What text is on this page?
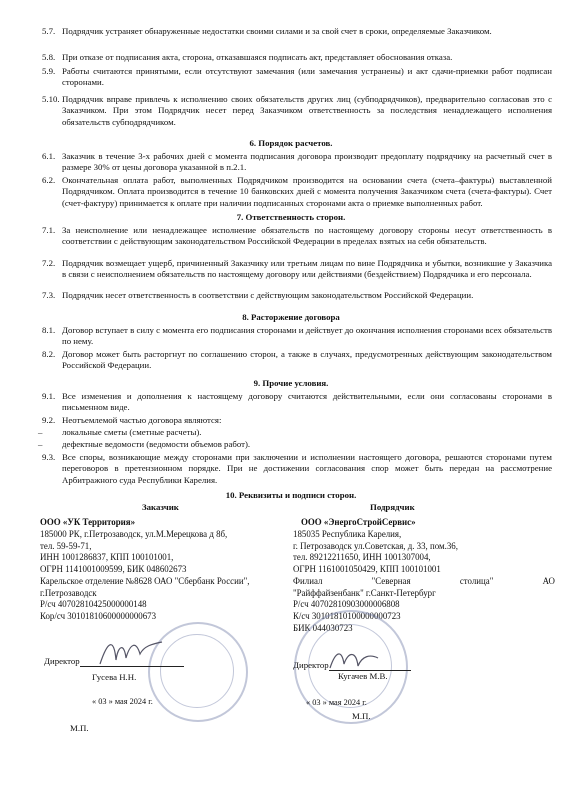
5.7. Подрядчик устраняет обнаруженные недостатки своими силами и за свой счет в сроки, определяемые Заказчиком.
5.8. При отказе от подписания акта, сторона, отказавшаяся подписать акт, представляет обоснования отказа.
5.9. Работы считаются принятыми, если отсутствуют замечания (или замечания устранены) и акт сдачи-приемки работ подписан сторонами.
5.10. Подрядчик вправе привлечь к исполнению своих обязательств других лиц (субподрядчиков), предварительно согласовав это с Заказчиком. При этом Подрядчик несет перед Заказчиком ответственность за последствия ненадлежащего исполнения обязательств субподрядчиком.
6. Порядок расчетов.
6.1. Заказчик в течение 3-х рабочих дней с момента подписания договора производит предоплату подрядчику на расчетный счет в размере 30% от цены договора указанной в п.2.1.
6.2. Окончательная оплата работ, выполненных Подрядчиком производится на основании счета (счета–фактуры) выставленной Подрядчиком. Оплата производится в течение 10 банковских дней с момента получения Заказчиком счета (счета-фактуры). Счет (счет-фактуру) принимается к оплате при наличии подписанных сторонами акта о приемке выполненных работ.
7. Ответственность сторон.
7.1. За неисполнение или ненадлежащее исполнение обязательств по настоящему договору стороны несут ответственность в соответствии с действующим законодательством Российской Федерации в пределах взятых на себя обязательств.
7.2. Подрядчик возмещает ущерб, причиненный Заказчику или третьим лицам по вине Подрядчика и убытки, возникшие у Заказчика в связи с неисполнением обязательств по настоящему договору или действиями (бездействием) Подрядчика и его персонала.
7.3. Подрядчик несет ответственность в соответствии с действующим законодательством Российской Федерации.
8. Расторжение договора
8.1. Договор вступает в силу с момента его подписания сторонами и действует до окончания исполнения сторонами всех обязательств по нему.
8.2. Договор может быть расторгнут по соглашению сторон, а также в случаях, предусмотренных действующим законодательством Российской Федерации.
9. Прочие условия.
9.1. Все изменения и дополнения к настоящему договору считаются действительными, если они согласованы сторонами в письменном виде.
9.2. Неотъемлемой частью договора являются:
– локальные сметы (сметные расчеты).
– дефектные ведомости (ведомости объемов работ).
9.3. Все споры, возникающие между сторонами при заключении и исполнении настоящего договора, решаются сторонами путем переговоров в претензионном порядке. При не достижении согласования спор может быть передан на рассмотрение Арбитражного суда Республики Карелия.
10. Реквизиты и подписи сторон.
Заказчик	Подрядчик
ООО «УК Территория»
185000 РК, г.Петрозаводск, ул.М.Мерецкова д 8б,
тел. 59-59-71,
ИНН 1001286837, КПП 100101001,
ОГРН 1141001009599, БИК 048602673
Карельское отделение №8628 ОАО "Сбербанк России",
г.Петрозаводск
Р/сч 40702810425000000148
Кор/сч 30101810600000000673
ООО «ЭнергоСтройСервис»
185035 Республика Карелия,
г. Петрозаводск ул.Советская, д. 33, пом.36,
тел. 89212211650, ИНН 1001307004,
ОГРН 1161001050429, КПП 100101001
Филиал	"Северная	столица"	АО
"Райффайзенбанк" г.Санкт-Петербург
Р/сч 40702810903000006808
К/сч 30101810100000000723
БИК 044030723
Директор
Гусева Н.Н.
« 03 » мая 2024 г.
М.П.
Директор
Кугачев М.В.
« 03 » мая 2024 г.
М.П.
